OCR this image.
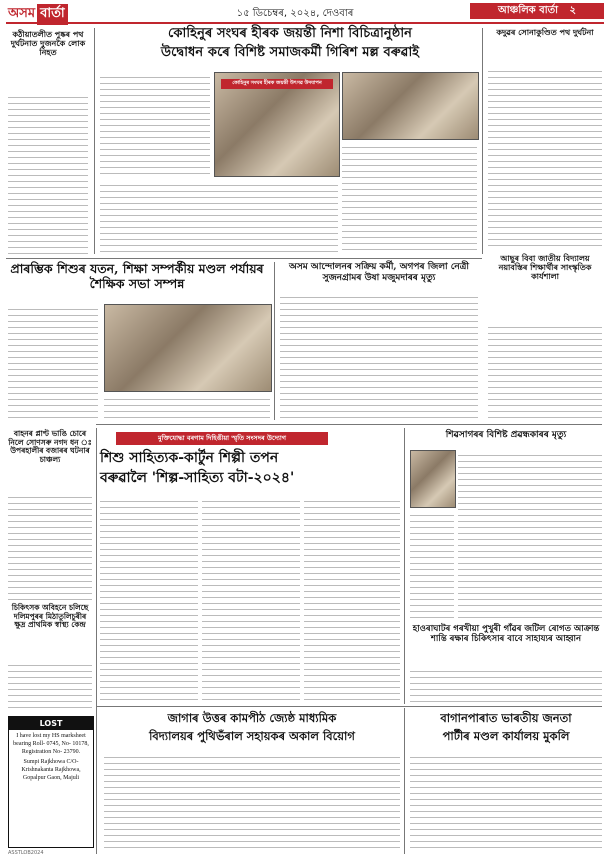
অসম বাৰ্তা	১৫ ডিচেম্বৰ, ২০২৪, দেওবাৰ	আঞ্চলিক বাৰ্তা ২
কঠীয়াতলীত পুষ্কৰ পথ দুৰ্ঘটনাত দুজনকৈ লোক নিহত
কোহিনুৰ সংঘৰ হীৰক জয়ন্তী নিশা বিচিত্ৰানুষ্ঠান
উদ্বোধন কৰে বিশিষ্ট সমাজকৰ্মী গিৰিশ মল্ল বৰুৱাই
কোহিনুৰ সংঘৰ হীৰক জয়ন্তী উৎসৱ উদযাপন
কদুৱৰ সোনাকুণ্ডিত পথ দুৰ্ঘটনা
আছুৰ বিবা জাতীয় বিদ্যালয় নয়াবস্তিৰ শিক্ষাৰ্থীৰ সাংস্কৃতিক কাৰ্যশালা
প্ৰাৰম্ভিক শিশুৰ যতন, শিক্ষা সম্পৰ্কীয় মণ্ডল পৰ্যায়ৰ শৈক্ষিক সভা সম্পন্ন
অসম আন্দোলনৰ সক্ৰিয় কৰ্মী, অগপৰ জিলা নেত্ৰী সুজনগ্ৰামৰ উষা মজুমদাৰৰ মৃত্যু
বাহনৰ প্লাণ্ট ভাঙি চোৰে নিলে সোণসৰু নগদ ধন ঃ উপৰহালীৰ বজাৰৰ ঘটনাৰ চাঞ্চল্য
চিকিৎসক অবিহনে চলিছে দলিমপুৰৰ মিঠাতুলিচুৰীৰ ক্ষুদ্ৰ প্ৰাথমিক স্বাস্থ্য কেন্দ্ৰ
LOST
I have lost my HS marksheet bearing Roll- 0745, No- 10178, Registration No- 23790.
Sumpi Rajkhowa C/O- Krishnakanta Rajkhowa, Gopalpur Gaon, Majuli
ASSTLOB2024
মুক্তিযোদ্ধা বৰগাম দিহিঙীয়া স্মৃতি সংসদৰ উদ্যোগ
শিশু সাহিত্যক-কাৰ্টুন শিল্পী তপন
বৰুৱালৈ 'শিল্প-সাহিত্য বটা-২০২৪'
শিৱসাগৰৰ বিশিষ্ট প্ৰৱন্ধকাৰৰ মৃত্যু
হাওৰাঘাটৰ গৰখীয়া পুখুৰী গাঁৱৰ জটিল ৰোগত আক্ৰান্ত শান্তি ৰক্ষাৰ চিকিৎসাৰ বাবে সাহায্যৰ আহ্বান
জাগাৰ উত্তৰ কামপীঠ জ্যেষ্ঠ মাধ্যমিক
বিদ্যালয়ৰ পুথিভঁৰাল সহায়কৰ অকাল বিয়োগ
বাগানপাৰাত ভাৰতীয় জনতা
পাৰ্টীৰ মণ্ডল কাৰ্যালয় মুকলি
